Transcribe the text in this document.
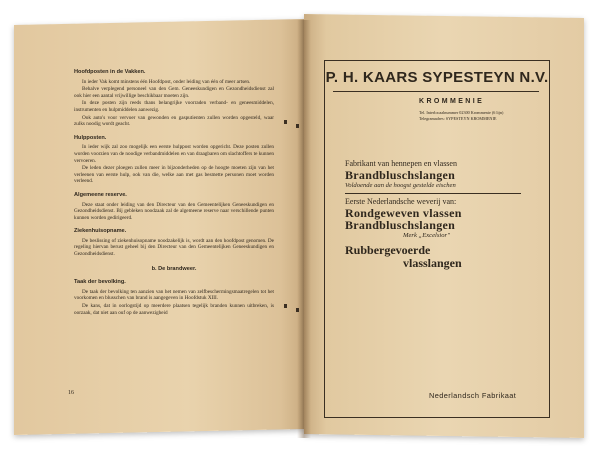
Hoofdposten in de Vakken.

In ieder Vak komt minstens één Hoofdpost, onder leiding van één of meer artsen.

Behalve verplegend personeel van den Gem. Geneeskundigen en Gezondheidsdienst zal ook hier een aantal vrijwillige beschikbaar moeten zijn.

In deze posten zijn reeds thans belangrijke voorraden verband- en geneesmiddelen, instrumenten en hulpmiddelen aanwezig.

Ook auto's voor vervoer van gewonden en gasputienten zullen worden opgesteld, waar zulks noodig wordt geacht.

Hulpposten.

In ieder wijk zal zoo mogelijk een eerste hulppost worden opgericht. Deze posten zullen worden voorzien van de noodige verbandmiddelen en van draagbaren om slachtoffers te kunnen vervoeren.

De leden dezer ploegen zullen meer in bijzonderheden op de hoogte moeten zijn van het verleenen van eerste hulp, ook van die, welke aan met gas besmette personen moet worden verleend.

Algemeene reserve.

Deze staat onder leiding van den Directeur van den Gemeentelijken Geneeskundigen en Gezondheidsdienst. Bij gebleken noodzaak zal de algemeene reserve naar verschillende punten kunnen worden gedirigeerd.

Ziekenhuisopname.

De beslissing of ziekenhuisopname noodzakelijk is, wordt aan den hoofdpost genomen. De regeling hiervan berust geheel bij den Directeur van den Gemeentelijken Geneeskundigen en Gezondheidsdienst.

b. De brandweer.
Taak der bevolking.

De taak der bevolking ten aanzien van het nemen van zelfbeschermingsmaatregelen tot het voorkomen en blusschen van brand is aangegeven in Hoofdstuk XIII.

De kans, dat in oorlogstijd op meerdere plaatsen tegelijk branden kunnen uitbreken, is oorzaak, dat niet aan ouf op de aanwezigheid

16
P. H. KAARS SYPESTEYN N.V.
KROMMENIE
Tel. Interlocaalnummer 02300 Krommenie (6 lijn)
Telegramadres: SYPESTEYN KROMMENIE
Fabrikant van hennepen en vlassen
Brandbluschslangen
Voldoende aan de hoogst gestelde eischen
Eerste Nederlandsche weverij van:
Rondgeweven vlassen
Brandbluschslangen
Merk „Excelsior"
Rubbergevoerde
vlasslangen
Nederlandsch Fabrikaat
